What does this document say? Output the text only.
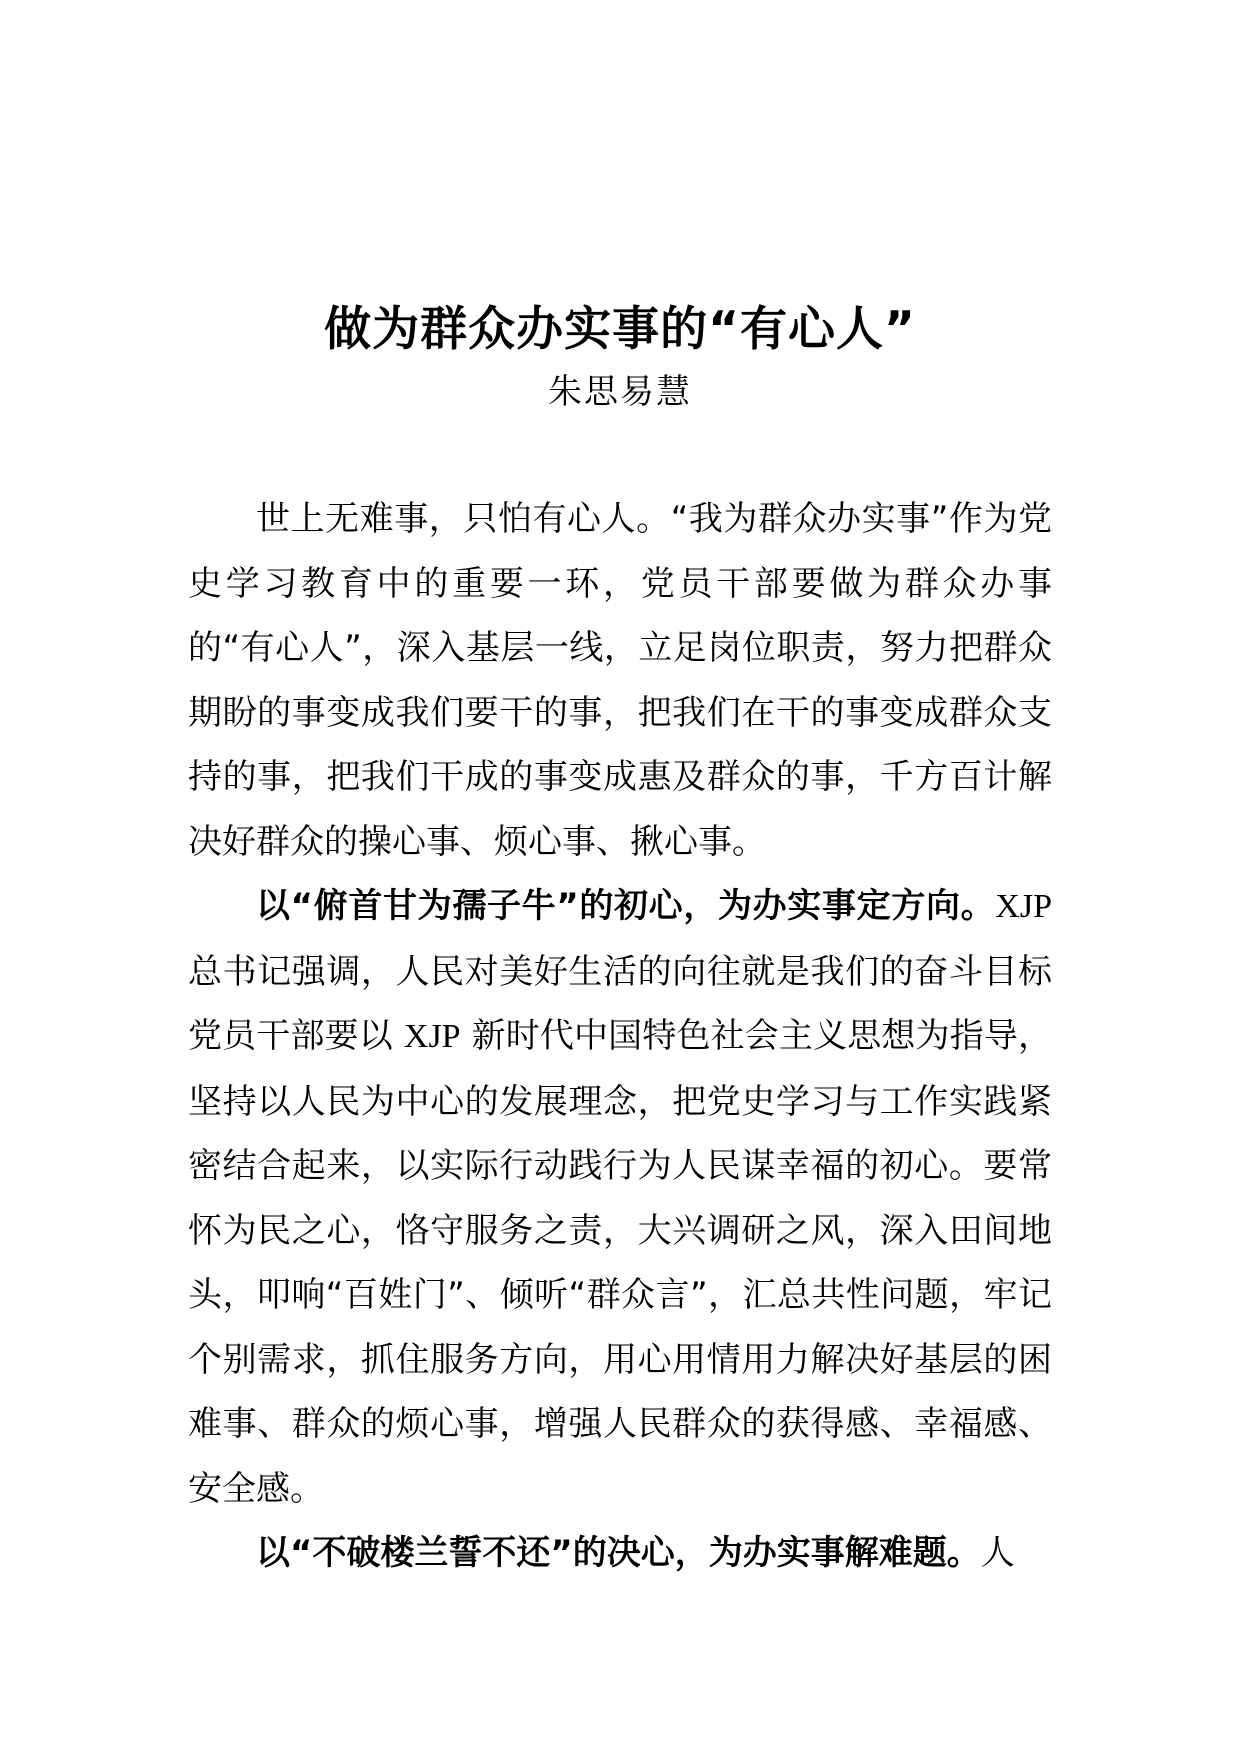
做为群众办实事的“有心人”
朱思易慧

世上无难事，只怕有心人。“我为群众办实事”作为党史学习教育中的重要一环，党员干部要做为群众办事的“有心人”，深入基层一线，立足岗位职责，努力把群众期盼的事变成我们要干的事，把我们在干的事变成群众支持的事，把我们干成的事变成惠及群众的事，千方百计解决好群众的操心事、烦心事、揪心事。

以“俯首甘为孺子牛”的初心，为办实事定方向。XJP总书记强调，人民对美好生活的向往就是我们的奋斗目标党员干部要以 XJP 新时代中国特色社会主义思想为指导，坚持以人民为中心的发展理念，把党史学习与工作实践紧密结合起来，以实际行动践行为人民谋幸福的初心。要常怀为民之心，恪守服务之责，大兴调研之风，深入田间地头，叩响“百姓门”、倾听“群众言”，汇总共性问题，牢记个别需求，抓住服务方向，用心用情用力解决好基层的困难事、群众的烦心事，增强人民群众的获得感、幸福感、安全感。

以“不破楼兰誓不还”的决心，为办实事解难题。人
